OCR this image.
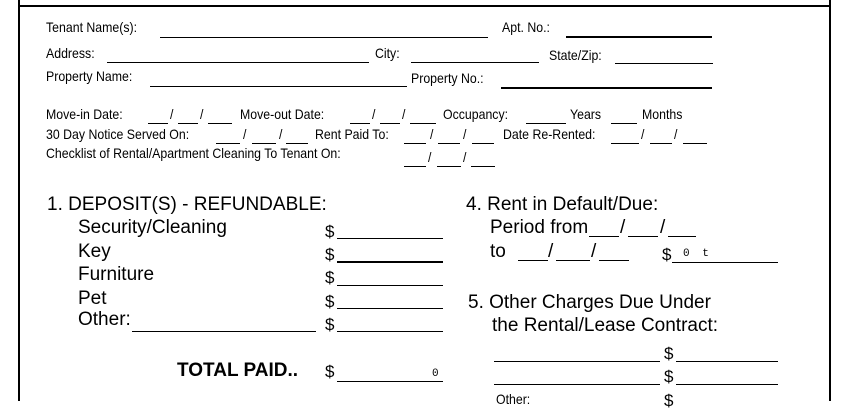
Tenant Name(s):	Apt. No.:
Address:	City:	State/Zip:
Property Name:	Property No.:
Move-in Date:	/ /	Move-out Date:	/ /	Occupancy:	Years	Months
30 Day Notice Served On:	/ / Rent Paid To:	/ /	Date Re-Rented:	/ /
Checklist of Rental/Apartment Cleaning To Tenant On:	/ /
1. DEPOSIT(S) - REFUNDABLE:
Security/Cleaning	$
Key	$
Furniture	$
Pet	$
Other:	$
TOTAL PAID.. $	0
4. Rent in Default/Due:
Period from / /
to / /	$ 0 t
5. Other Charges Due Under
the Rental/Lease Contract:
$
$
Other:	$
